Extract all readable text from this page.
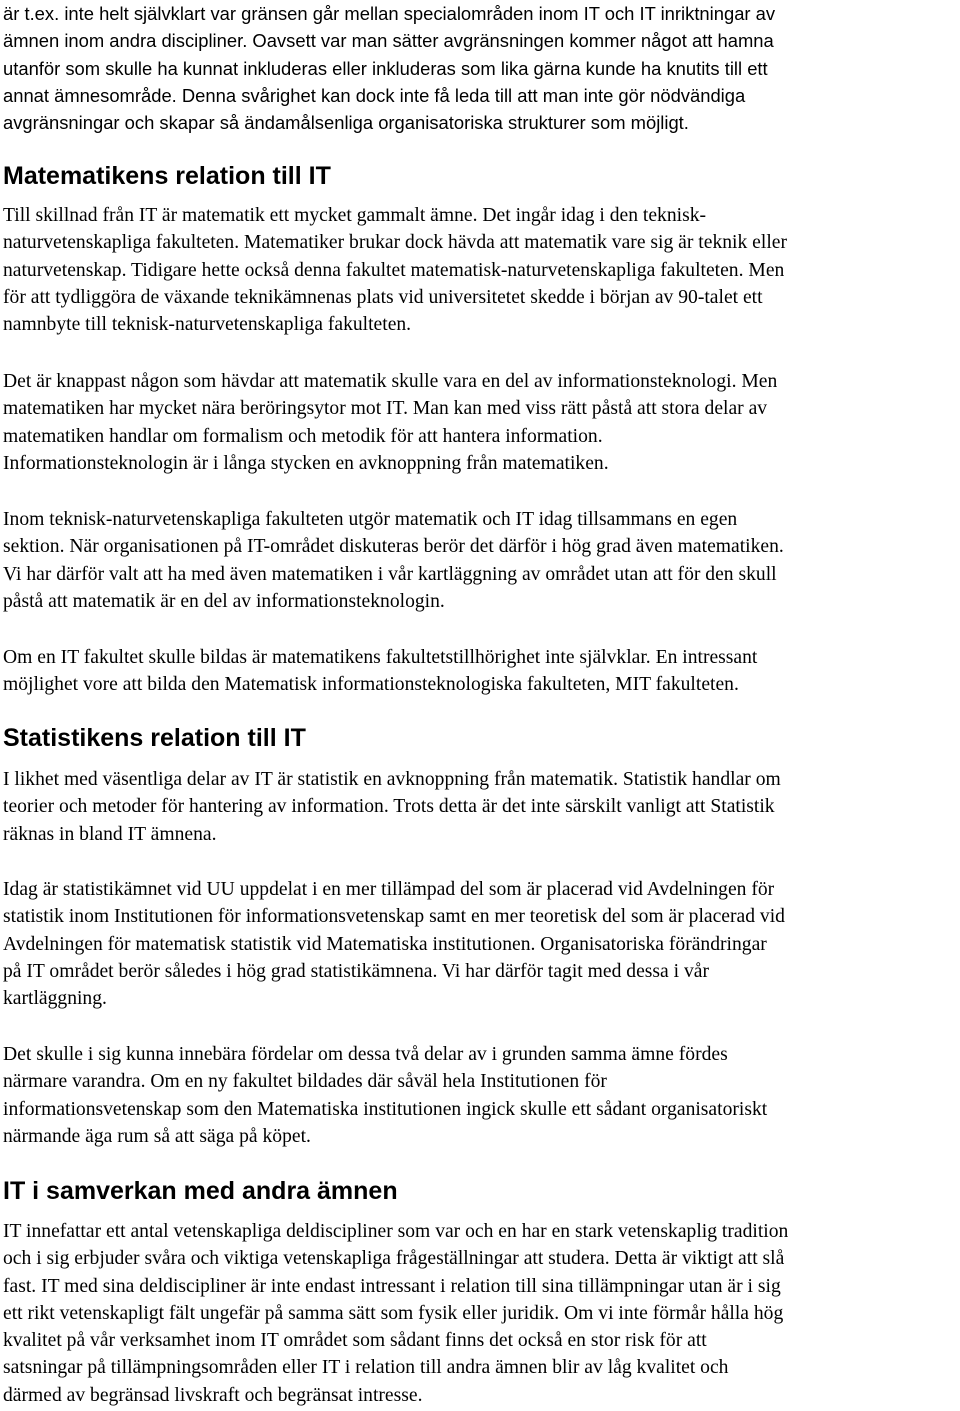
är t.ex. inte helt självklart var gränsen går mellan specialområden inom IT och IT inriktningar av
ämnen inom andra discipliner. Oavsett var man sätter avgränsningen kommer något att hamna
utanför som skulle ha kunnat inkluderas eller inkluderas som lika gärna kunde ha knutits till ett
annat ämnesområde. Denna svårighet kan dock inte få leda till att man inte gör nödvändiga
avgränsningar och skapar så ändamålsenliga organisatoriska strukturer som möjligt.

Matematikens relation till IT

Till skillnad från IT är matematik ett mycket gammalt ämne. Det ingår idag i den teknisk-
naturvetenskapliga fakulteten. Matematiker brukar dock hävda att matematik vare sig är teknik eller
naturvetenskap. Tidigare hette också denna fakultet matematisk-naturvetenskapliga fakulteten. Men
för att tydliggöra de växande teknikämnenas plats vid universitetet skedde i början av 90-talet ett
namnbyte till teknisk-naturvetenskapliga fakulteten.

Det är knappast någon som hävdar att matematik skulle vara en del av informationsteknologi. Men
matematiken har mycket nära beröringsytor mot IT. Man kan med viss rätt påstå att stora delar av
matematiken handlar om formalism och metodik för att hantera information.
Informationsteknologin är i långa stycken en avknoppning från matematiken.

Inom teknisk-naturvetenskapliga fakulteten utgör matematik och IT idag tillsammans en egen
sektion. När organisationen på IT-området diskuteras berör det därför i hög grad även matematiken.
Vi har därför valt att ha med även matematiken i vår kartläggning av området utan att för den skull
påstå att matematik är en del av informationsteknologin.

Om en IT fakultet skulle bildas är matematikens fakultetstillhörighet inte självklar. En intressant
möjlighet vore att bilda den Matematisk informationsteknologiska fakulteten, MIT fakulteten.

Statistikens relation till IT

I likhet med väsentliga delar av IT är statistik en avknoppning från matematik. Statistik handlar om
teorier och metoder för hantering av information. Trots detta är det inte särskilt vanligt att Statistik
räknas in bland IT ämnena.

Idag är statistikämnet vid UU uppdelat i en mer tillämpad del som är placerad vid Avdelningen för
statistik inom Institutionen för informationsvetenskap samt en mer teoretisk del som är placerad vid
Avdelningen för matematisk statistik vid Matematiska institutionen. Organisatoriska förändringar
på IT området berör således i hög grad statistikämnena. Vi har därför tagit med dessa i vår
kartläggning.

Det skulle i sig kunna innebära fördelar om dessa två delar av i grunden samma ämne fördes
närmare varandra. Om en ny fakultet bildades där såväl hela Institutionen för
informationsvetenskap som den Matematiska institutionen ingick skulle ett sådant organisatoriskt
närmande äga rum så att säga på köpet.

IT i samverkan med andra ämnen

IT innefattar ett antal vetenskapliga deldiscipliner som var och en har en stark vetenskaplig tradition
och i sig erbjuder svåra och viktiga vetenskapliga frågeställningar att studera. Detta är viktigt att slå
fast. IT med sina deldiscipliner är inte endast intressant i relation till sina tillämpningar utan är i sig
ett rikt vetenskapligt fält ungefär på samma sätt som fysik eller juridik. Om vi inte förmår hålla hög
kvalitet på vår verksamhet inom IT området som sådant finns det också en stor risk för att
satsningar på tillämpningsområden eller IT i relation till andra ämnen blir av låg kvalitet och
därmed av begränsad livskraft och begränsat intresse.
